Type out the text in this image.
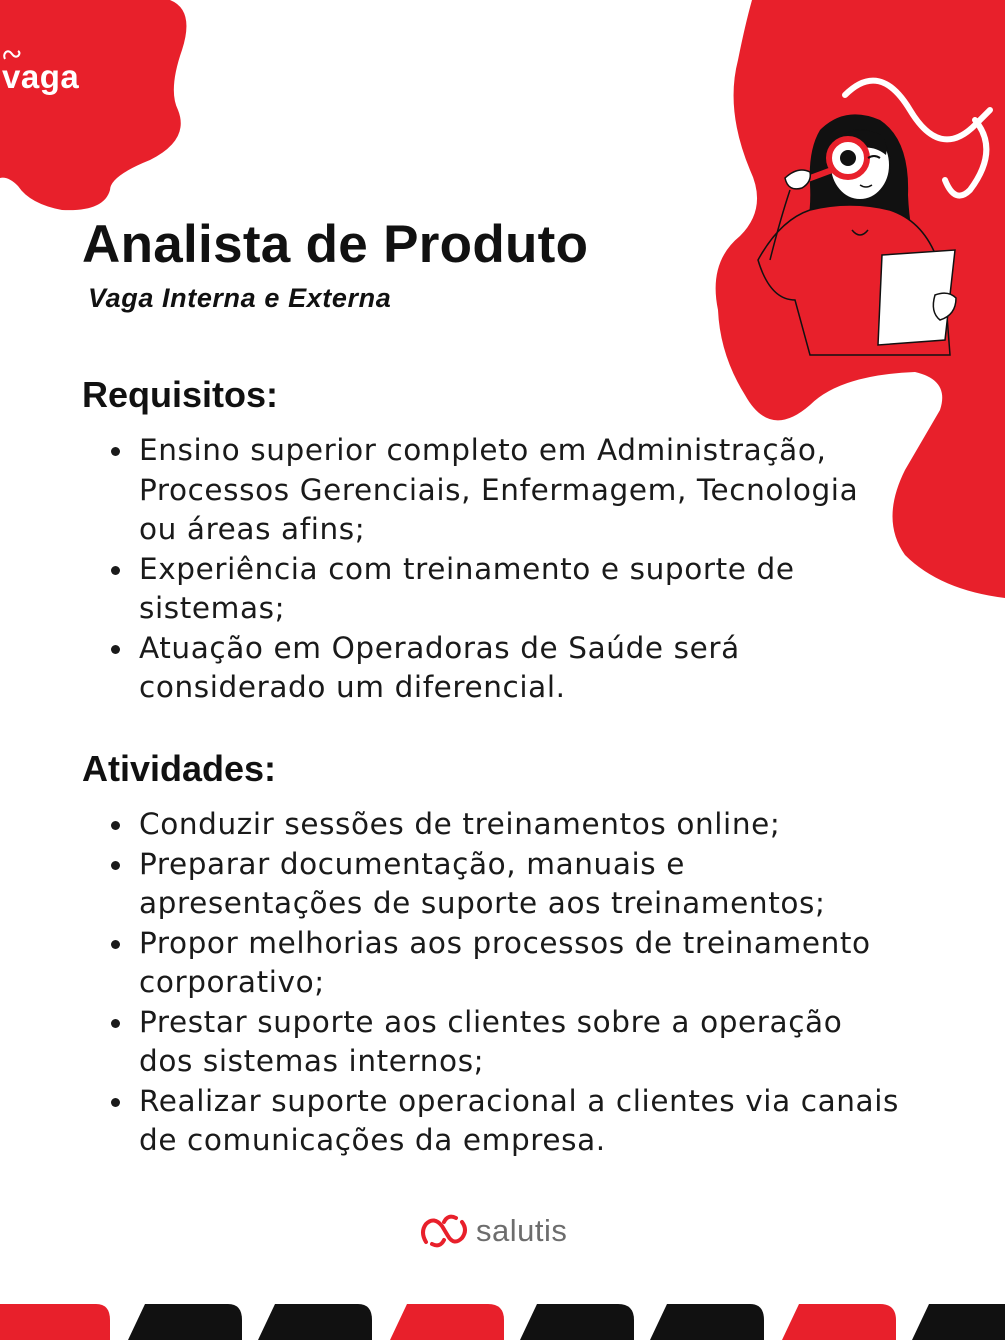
vaga
Analista de Produto
Vaga Interna e Externa
Requisitos:
Ensino superior completo em Administração, Processos Gerenciais, Enfermagem, Tecnologia ou áreas afins;
Experiência com treinamento e suporte de sistemas;
Atuação em Operadoras de Saúde será considerado um diferencial.
Atividades:
Conduzir sessões de treinamentos online;
Preparar documentação, manuais e apresentações de suporte aos treinamentos;
Propor melhorias aos processos de treinamento corporativo;
Prestar suporte aos clientes sobre a operação dos sistemas internos;
Realizar suporte operacional a clientes via canais de comunicações da empresa.
salutis
